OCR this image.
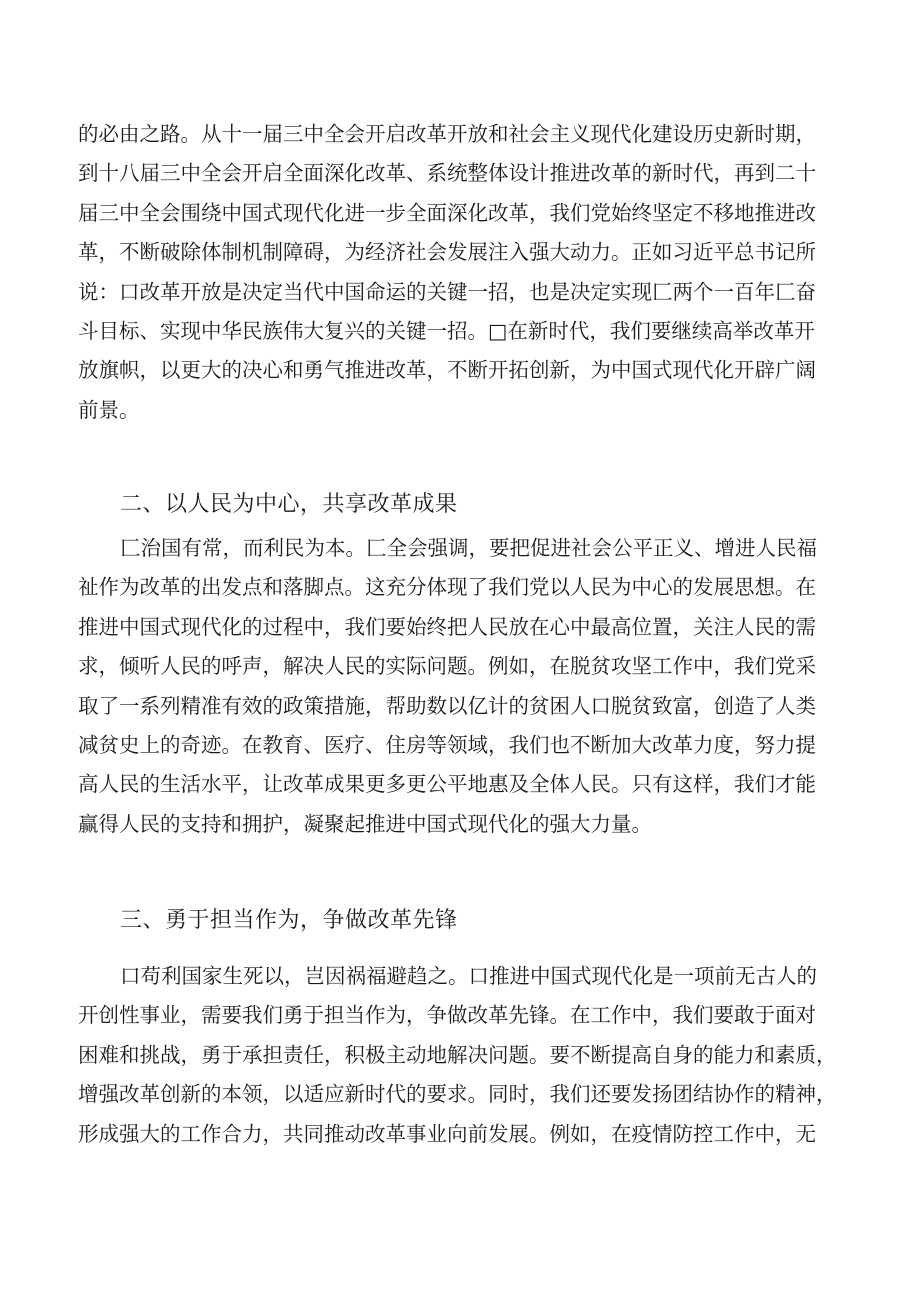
的必由之路。从十一届三中全会开启改革开放和社会主义现代化建设历史新时期，
到十八届三中全会开启全面深化改革、系统整体设计推进改革的新时代，再到二十
届三中全会围绕中国式现代化进一步全面深化改革，我们党始终坚定不移地推进改
革，不断破除体制机制障碍，为经济社会发展注入强大动力。正如习近平总书记所
说：口改革开放是决定当代中国命运的关键一招，也是决定实现匚两个一百年匚奋
斗目标、实现中华民族伟大复兴的关键一招。□在新时代，我们要继续高举改革开
放旗帜，以更大的决心和勇气推进改革，不断开拓创新，为中国式现代化开辟广阔
前景。
二、以人民为中心，共享改革成果
匚治国有常，而利民为本。匚全会强调，要把促进社会公平正义、增进人民福
祉作为改革的出发点和落脚点。这充分体现了我们党以人民为中心的发展思想。在
推进中国式现代化的过程中，我们要始终把人民放在心中最高位置，关注人民的需
求，倾听人民的呼声，解决人民的实际问题。例如，在脱贫攻坚工作中，我们党采
取了一系列精准有效的政策措施，帮助数以亿计的贫困人口脱贫致富，创造了人类
减贫史上的奇迹。在教育、医疗、住房等领域，我们也不断加大改革力度，努力提
高人民的生活水平，让改革成果更多更公平地惠及全体人民。只有这样，我们才能
赢得人民的支持和拥护，凝聚起推进中国式现代化的强大力量。
三、勇于担当作为，争做改革先锋
口苟利国家生死以，岂因祸福避趋之。口推进中国式现代化是一项前无古人的
开创性事业，需要我们勇于担当作为，争做改革先锋。在工作中，我们要敢于面对
困难和挑战，勇于承担责任，积极主动地解决问题。要不断提高自身的能力和素质，
增强改革创新的本领，以适应新时代的要求。同时，我们还要发扬团结协作的精神，
形成强大的工作合力，共同推动改革事业向前发展。例如，在疫情防控工作中，无
